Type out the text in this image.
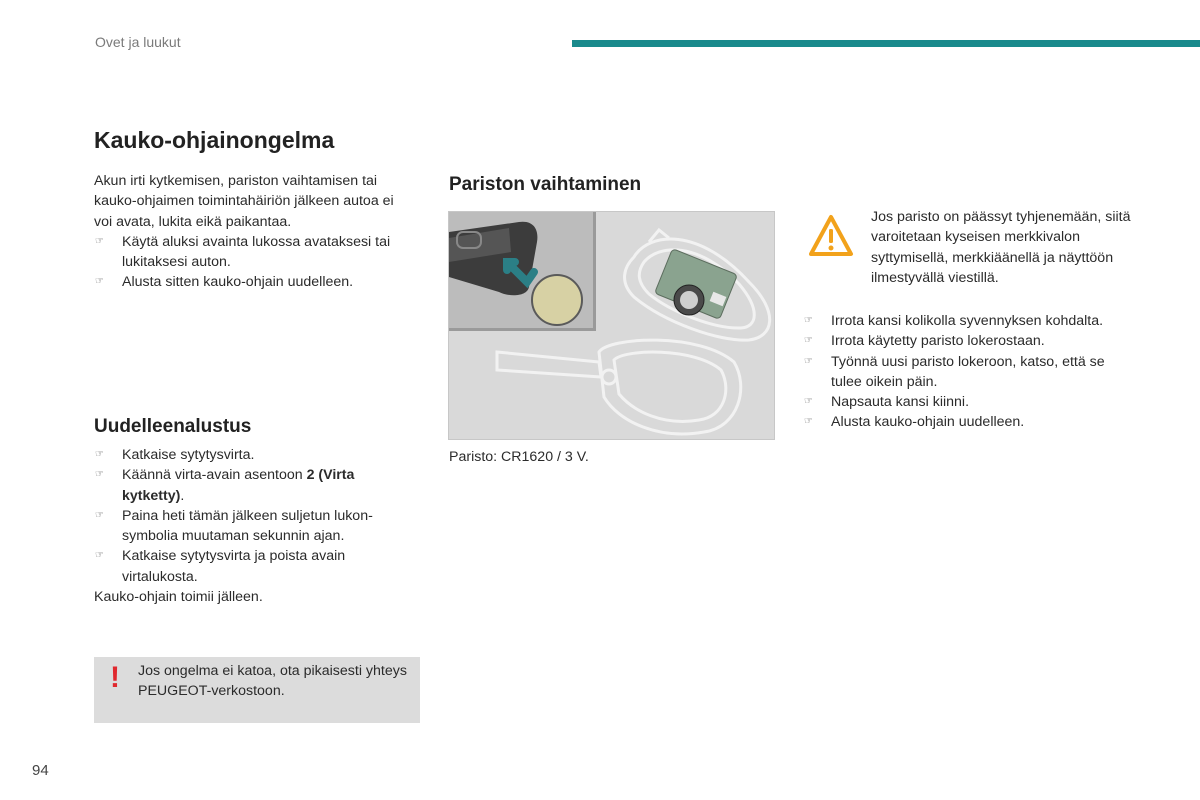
Ovet ja luukut
Kauko-ohjainongelma

Akun irti kytkemisen, pariston vaihtamisen tai kauko-ohjaimen toimintahäiriön jälkeen autoa ei voi avata, lukita eikä paikantaa.

☞ Käytä aluksi avainta lukossa avataksesi tai lukitaksesi auton.
☞ Alusta sitten kauko-ohjain uudelleen.
Uudelleenalustus
☞ Katkaise sytytysvirta.
☞ Käännä virta-avain asentoon 2 (Virta kytketty).
☞ Paina heti tämän jälkeen suljetun lukon-symbolia muutaman sekunnin ajan.
☞ Katkaise sytytysvirta ja poista avain virtalukosta.

Kauko-ohjain toimii jälleen.

! Jos ongelma ei katoa, ota pikaisesti yhteys PEUGEOT-verkostoon.

Pariston vaihtaminen
Paristo: CR1620 / 3 V.

Jos paristo on päässyt tyhjenemään, siitä varoitetaan kyseisen merkkivalon syttymisellä, merkkiäänellä ja näyttöön ilmestyvällä viestillä.

☞ Irrota kansi kolikolla syvennyksen kohdalta.
☞ Irrota käytetty paristo lokerostaan.
☞ Työnnä uusi paristo lokeroon, katso, että se tulee oikein päin.
☞ Napsauta kansi kiinni.
☞ Alusta kauko-ohjain uudelleen.
94
